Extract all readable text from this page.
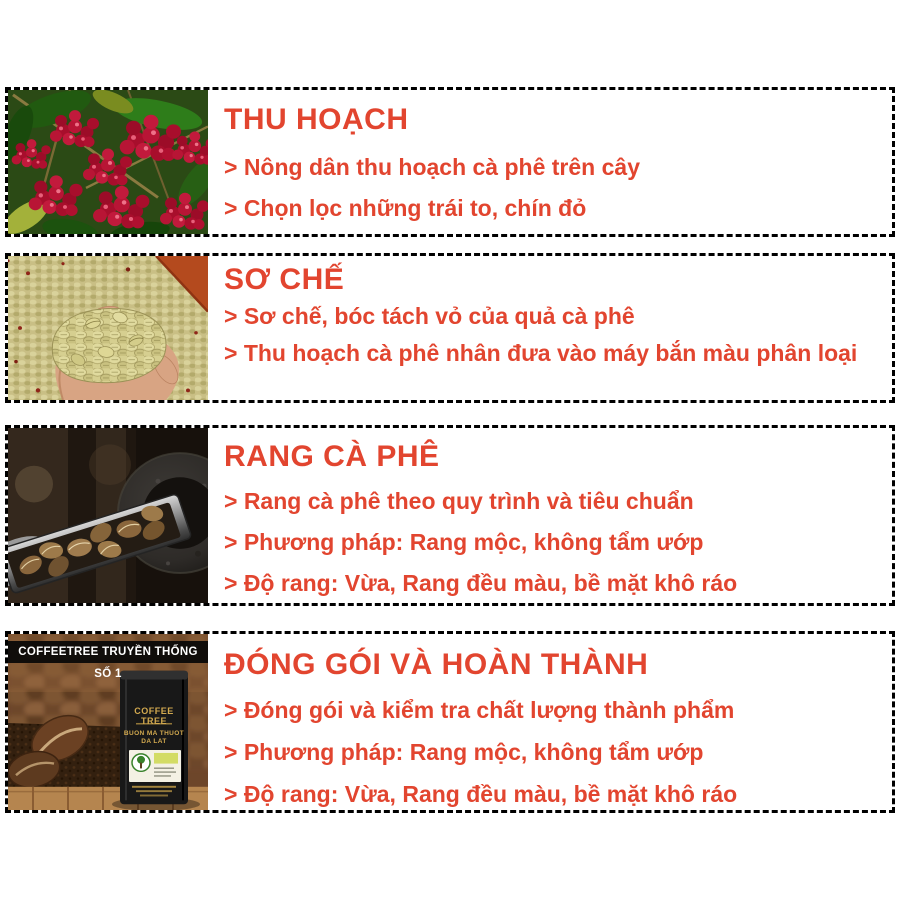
THU HOẠCH
> Nông dân thu hoạch cà phê trên cây
> Chọn lọc những trái to, chín đỏ
SƠ CHẾ
> Sơ chế, bóc tách vỏ của quả cà phê
> Thu hoạch cà phê nhân đưa vào máy bắn màu phân loại
RANG CÀ PHÊ
> Rang cà phê theo quy trình và tiêu chuẩn
> Phương pháp: Rang mộc, không tẩm ướp
> Độ rang: Vừa, Rang đều màu, bề mặt khô ráo
COFFEETREE TRUYỀN THỐNG SỐ 1
COFFEE TREE
BUON MA THUOT
DA LAT
ĐÓNG GÓI VÀ HOÀN THÀNH
> Đóng gói và kiểm tra chất lượng thành phẩm
> Phương pháp: Rang mộc, không tẩm ướp
> Độ rang: Vừa, Rang đều màu, bề mặt khô ráo
